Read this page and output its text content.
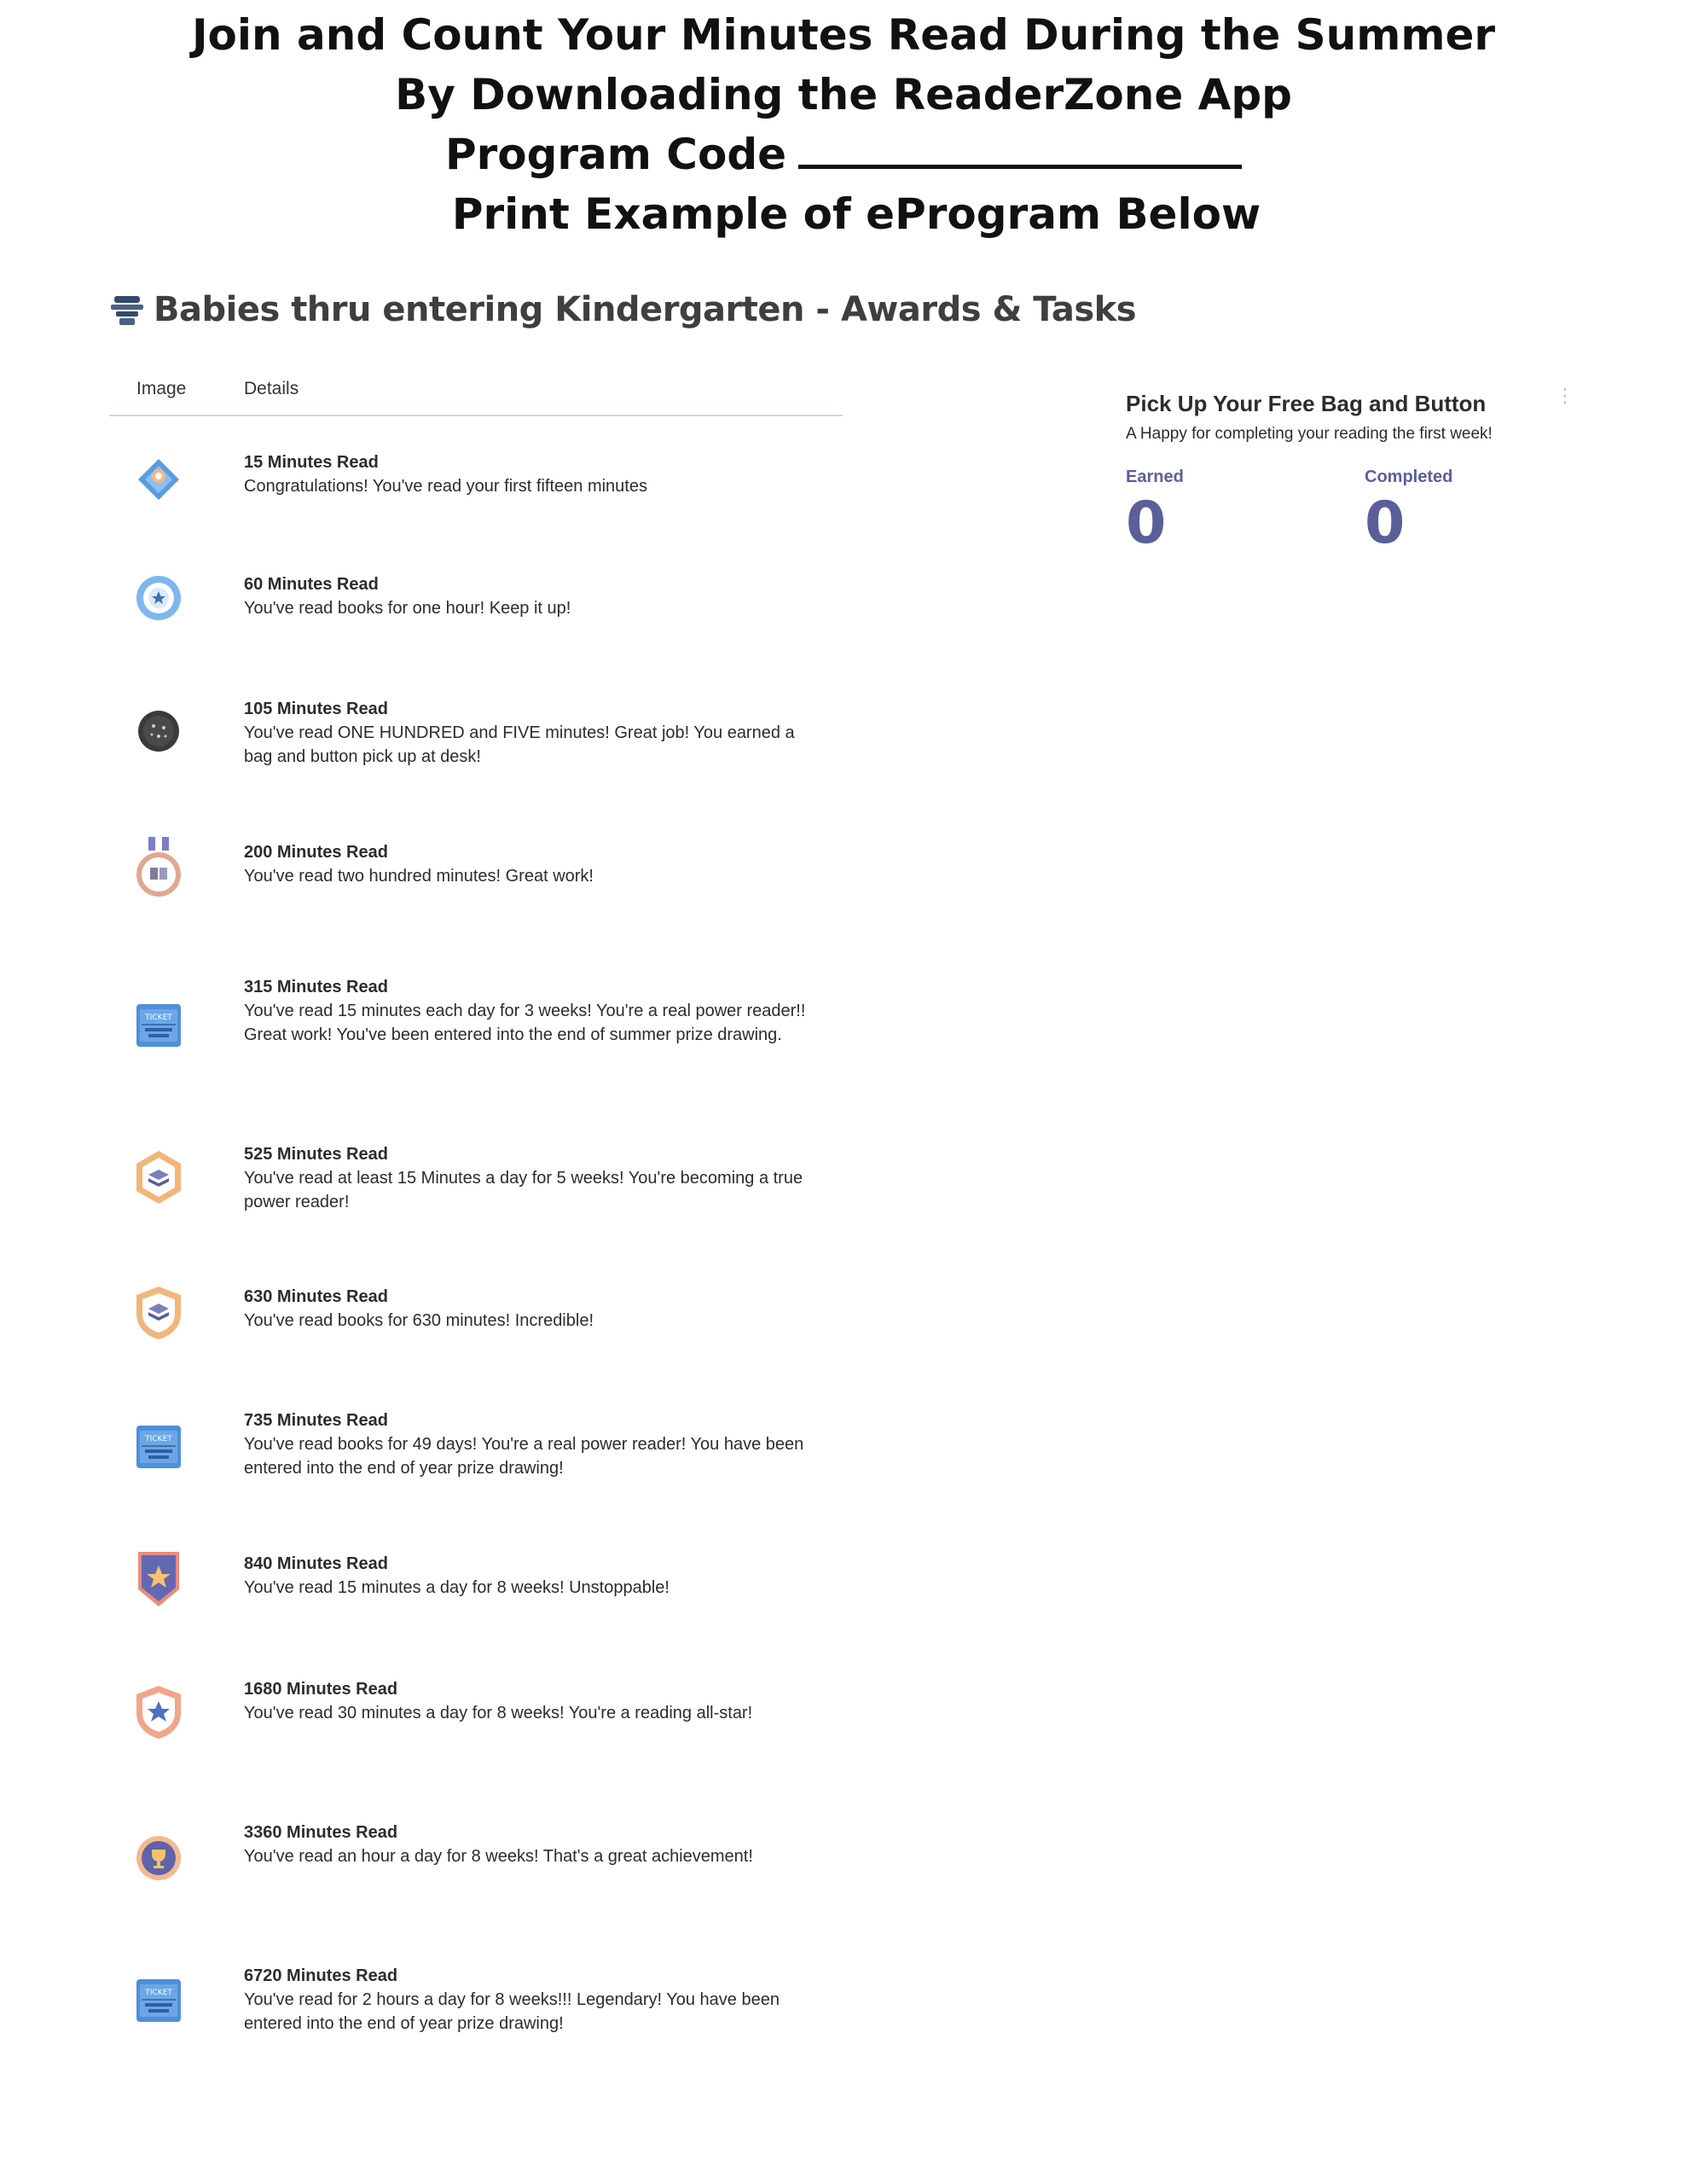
Join and Count Your Minutes Read During the Summer
By Downloading the ReaderZone App
Program Code
Print Example of eProgram Below
Babies thru entering Kindergarten - Awards & Tasks
Image	Details
15 Minutes Read
Congratulations! You've read your first fifteen minutes
60 Minutes Read
You've read books for one hour! Keep it up!
105 Minutes Read
You've read ONE HUNDRED and FIVE minutes! Great job! You earned a bag and button pick up at desk!
200 Minutes Read
You've read two hundred minutes! Great work!
TICKET
315 Minutes Read
You've read 15 minutes each day for 3 weeks! You're a real power reader!! Great work! You've been entered into the end of summer prize drawing.
525 Minutes Read
You've read at least 15 Minutes a day for 5 weeks! You're becoming a true power reader!
630 Minutes Read
You've read books for 630 minutes! Incredible!
TICKET
735 Minutes Read
You've read books for 49 days! You're a real power reader! You have been entered into the end of year prize drawing!
840 Minutes Read
You've read 15 minutes a day for 8 weeks! Unstoppable!
1680 Minutes Read
You've read 30 minutes a day for 8 weeks! You're a reading all-star!
3360 Minutes Read
You've read an hour a day for 8 weeks! That's a great achievement!
TICKET
6720 Minutes Read
You've read for 2 hours a day for 8 weeks!!! Legendary! You have been entered into the end of year prize drawing!
Pick Up Your Free Bag and Button	⋮
A Happy for completing your reading the first week!
Earned
0
Completed
0
